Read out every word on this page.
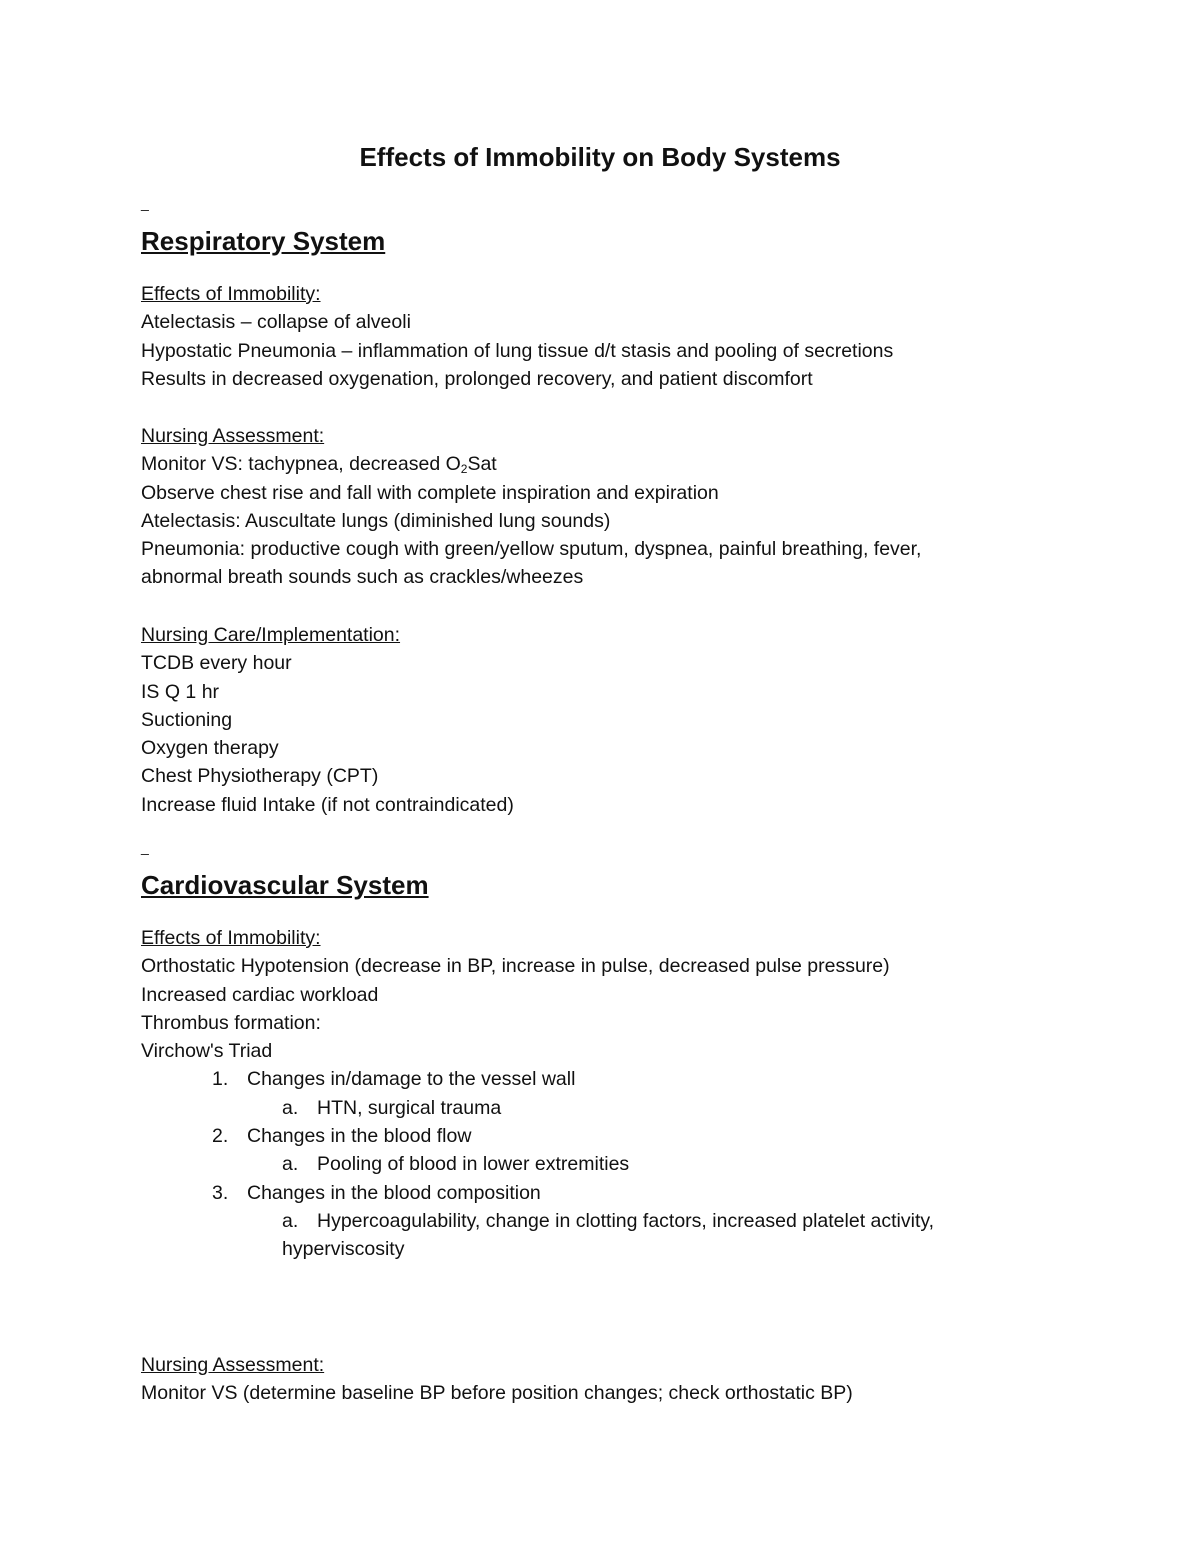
Effects of Immobility on Body Systems
_
Respiratory System

Effects of Immobility:

Atelectasis – collapse of alveoli

Hypostatic Pneumonia – inflammation of lung tissue d/t stasis and pooling of secretions

Results in decreased oxygenation, prolonged recovery, and patient discomfort

Nursing Assessment:

Monitor VS: tachypnea, decreased $O_2Sat$

Observe chest rise and fall with complete inspiration and expiration

Atelectasis: Auscultate lungs (diminished lung sounds)

Pneumonia: productive cough with green/yellow sputum, dyspnea, painful breathing, fever,

abnormal breath sounds such as crackles/wheezes

Nursing Care/Implementation:

TCDB every hour

IS Q 1 hr

Suctioning

Oxygen therapy

Chest Physiotherapy (CPT)

Increase fluid Intake (if not contraindicated)

_
Cardiovascular System

Effects of Immobility:

Orthostatic Hypotension (decrease in BP, increase in pulse, decreased pulse pressure)

Increased cardiac workload

Thrombus formation:

Virchow's Triad

1. Changes in/damage to the vessel wall

a. HTN, surgical trauma

2. Changes in the blood flow

a. Pooling of blood in lower extremities

3. Changes in the blood composition

a. Hypercoagulability, change in clotting factors, increased platelet activity,

hyperviscosity

Nursing Assessment:

Monitor VS (determine baseline BP before position changes; check orthostatic BP)
